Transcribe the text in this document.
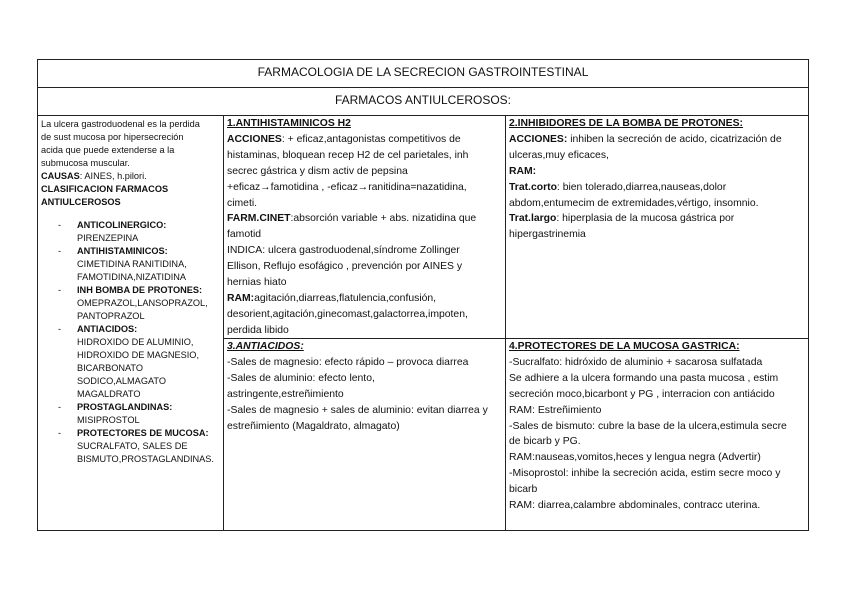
FARMACOLOGIA DE LA SECRECION GASTROINTESTINAL
FARMACOS ANTIULCEROSOS:
La ulcera gastroduodenal es la perdida
de sust mucosa por hipersecreción
acida que puede extenderse a la
submucosa muscular.
CAUSAS: AINES, h.pilori.
CLASIFICACION FARMACOS
ANTIULCEROSOS
- ANTICOLINERGICO:
PIRENZEPINA
- ANTIHISTAMINICOS:
CIMETIDINA RANITIDINA,
FAMOTIDINA,NIZATIDINA
- INH BOMBA DE PROTONES:
OMEPRAZOL,LANSOPRAZOL,
PANTOPRAZOL
- ANTIACIDOS:
HIDROXIDO DE ALUMINIO,
HIDROXIDO DE MAGNESIO,
BICARBONATO
SODICO,ALMAGATO
MAGALDRATO
- PROSTAGLANDINAS:
MISIPROSTOL
- PROTECTORES DE MUCOSA:
SUCRALFATO, SALES DE
BISMUTO,PROSTAGLANDINAS.
1.ANTIHISTAMINICOS H2
ACCIONES: + eficaz,antagonistas competitivos de
histaminas, bloquean recep H2 de cel parietales, inh
secrec gástrica y dism activ de pepsina
+eficaz→famotidina , -eficaz→ranitidina=nazatidina,
cimeti.
FARM.CINET:absorción variable + abs. nizatidina que
famotid
INDICA: ulcera gastroduodenal,síndrome Zollinger
Ellison, Reflujo esofágico , prevención por AINES y
hernias hiato
RAM:agitación,diarreas,flatulencia,confusión,
desorient,agitación,ginecomast,galactorrea,impoten,
perdida libido
2.INHIBIDORES DE LA BOMBA DE PROTONES:
ACCIONES: inhiben la secreción de acido, cicatrización de
ulceras,muy eficaces,
RAM:
Trat.corto: bien tolerado,diarrea,nauseas,dolor
abdom,entumecim de extremidades,vértigo, insomnio.
Trat.largo: hiperplasia de la mucosa gástrica por
hipergastrinemia
3.ANTIACIDOS:
-Sales de magnesio: efecto rápido – provoca diarrea
-Sales de aluminio: efecto lento,
astringente,estreñimiento
-Sales de magnesio + sales de aluminio: evitan diarrea y
estreñimiento (Magaldrato, almagato)
4.PROTECTORES DE LA MUCOSA GASTRICA:
-Sucralfato: hidróxido de aluminio + sacarosa sulfatada
Se adhiere a la ulcera formando una pasta mucosa , estim
secreción moco,bicarbont y PG , interracion con antiácido
RAM: Estreñimiento
-Sales de bismuto: cubre la base de la ulcera,estimula secre
de bicarb y PG.
RAM:nauseas,vomitos,heces y lengua negra (Advertir)
-Misoprostol: inhibe la secreción acida, estim secre moco y
bicarb
RAM: diarrea,calambre abdominales, contracc uterina.
